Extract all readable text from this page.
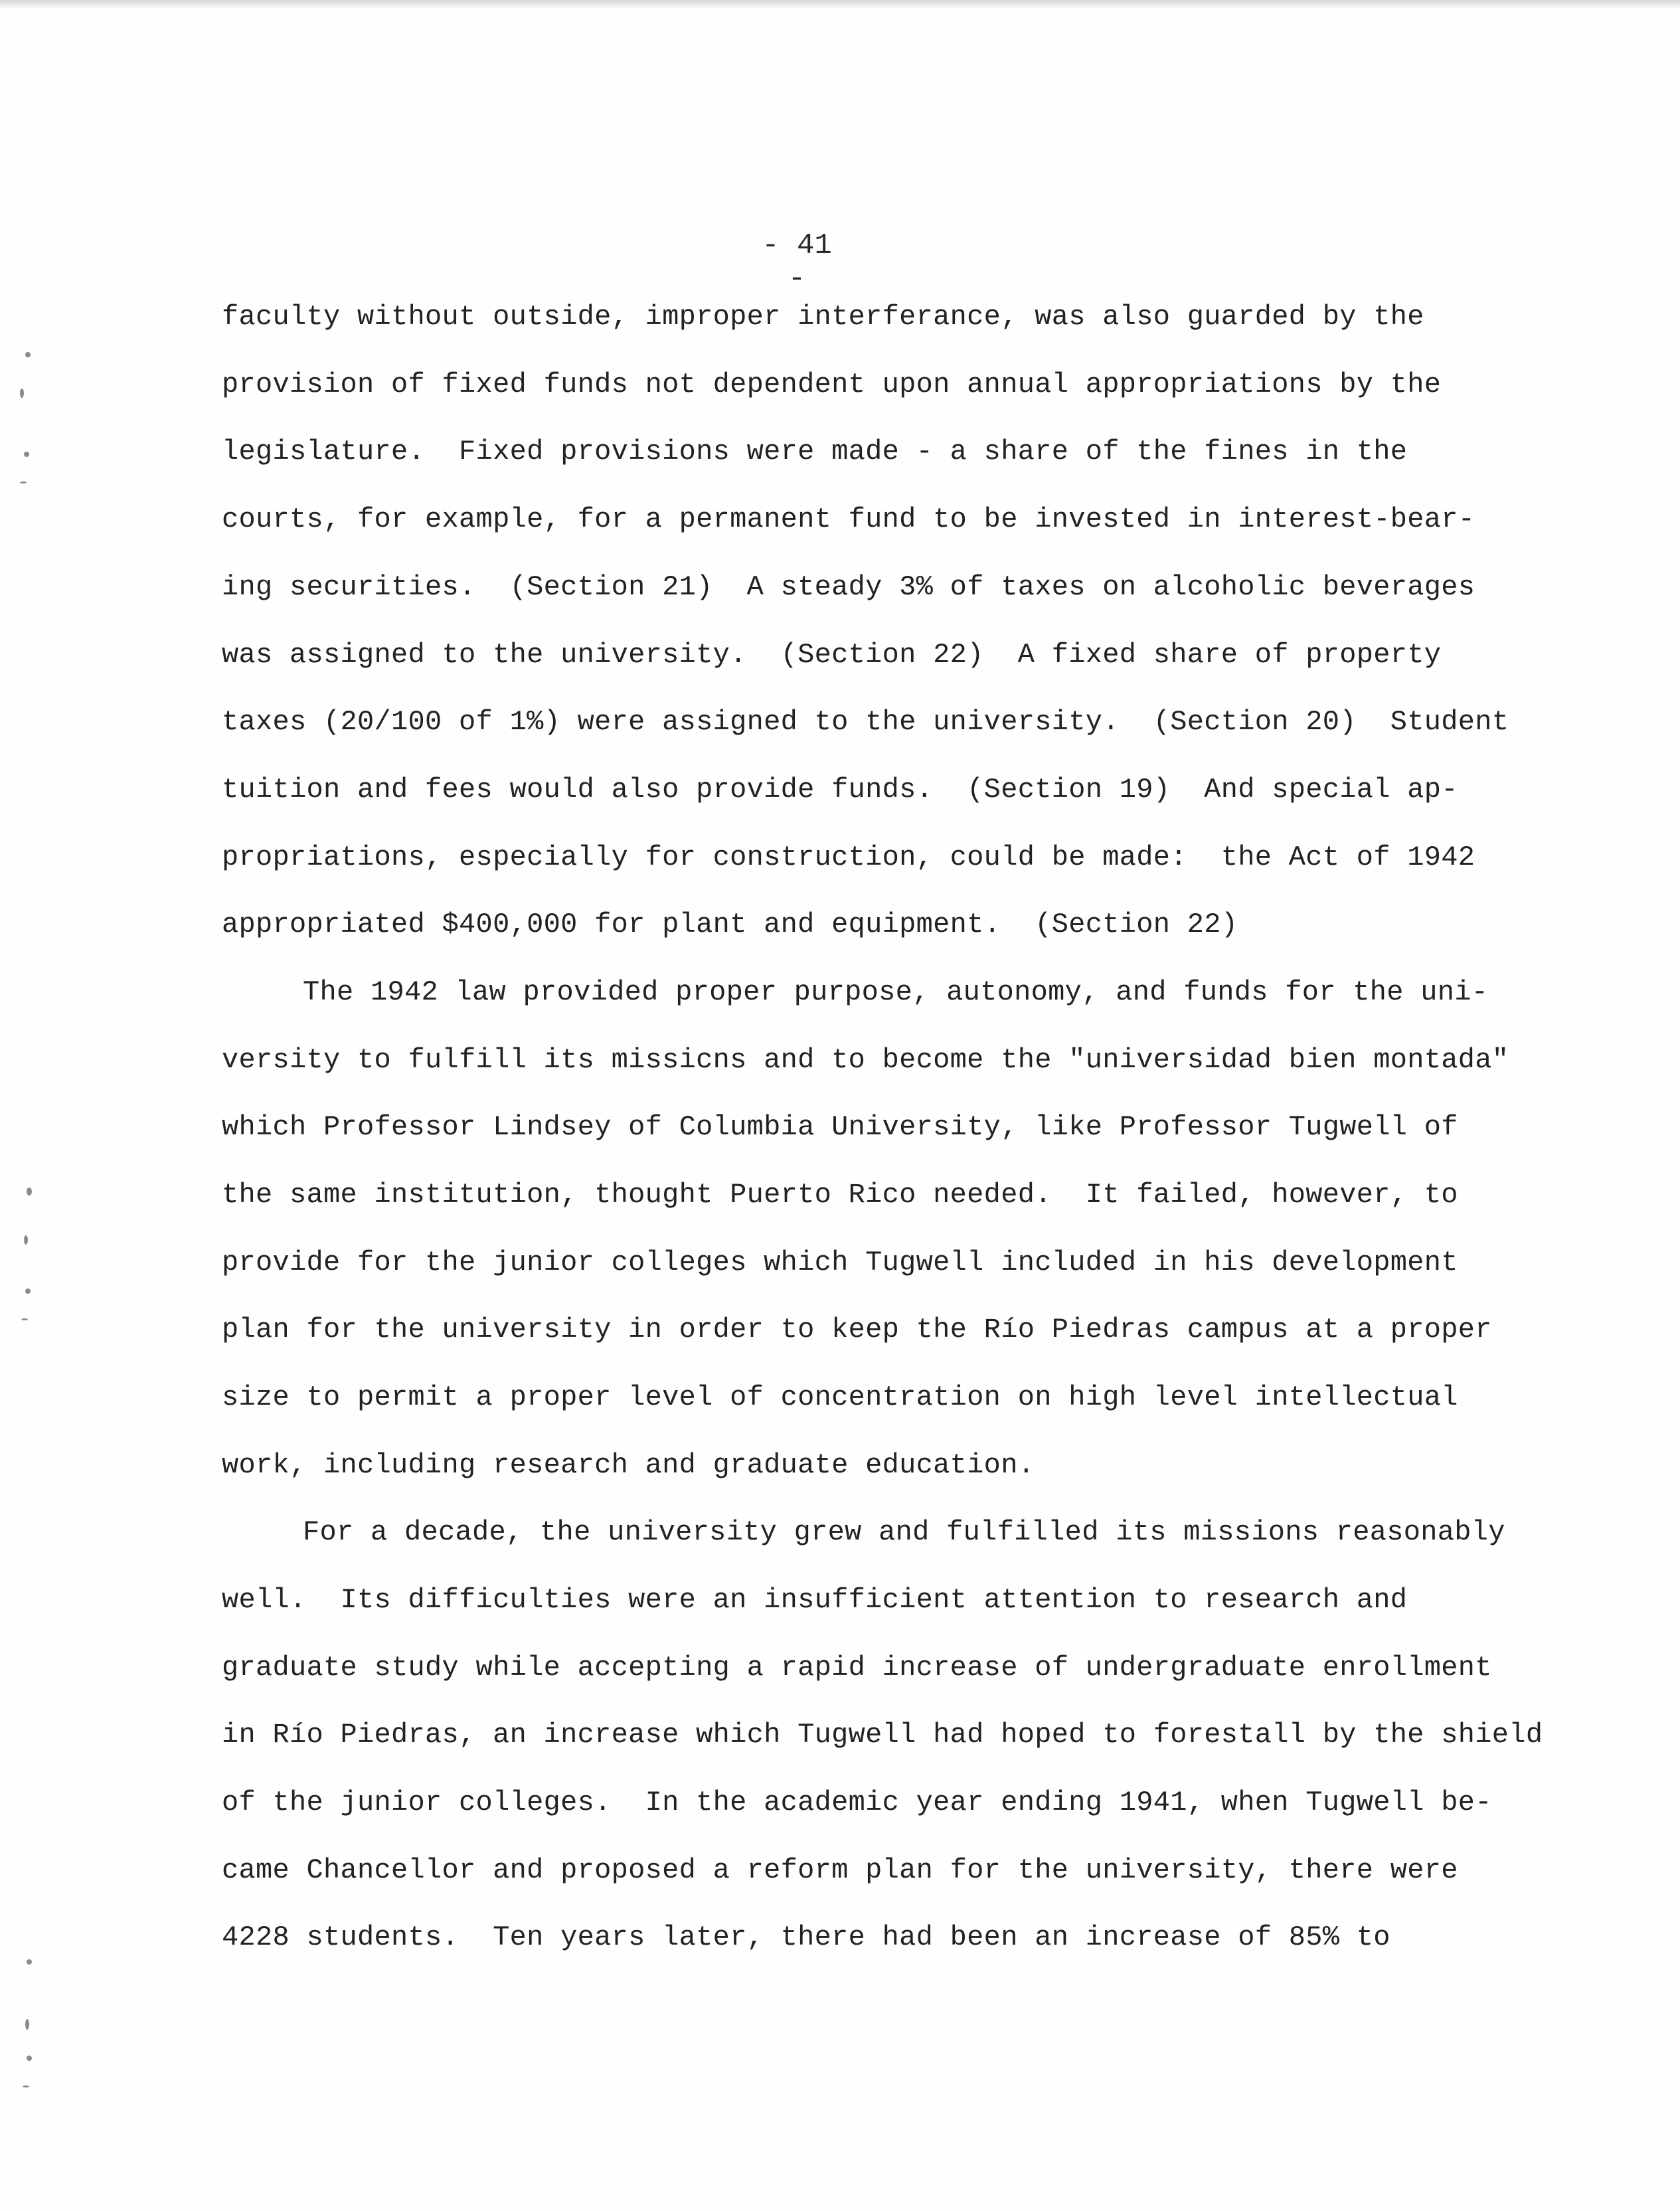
- 41 -
faculty without outside, improper interferance, was also guarded by the
provision of fixed funds not dependent upon annual appropriations by the
legislature.  Fixed provisions were made - a share of the fines in the
courts, for example, for a permanent fund to be invested in interest-bear-
ing securities.  (Section 21)  A steady 3% of taxes on alcoholic beverages
was assigned to the university.  (Section 22)  A fixed share of property
taxes (20/100 of 1%) were assigned to the university.  (Section 20)  Student
tuition and fees would also provide funds.  (Section 19)  And special ap-
propriations, especially for construction, could be made:  the Act of 1942
appropriated $400,000 for plant and equipment.  (Section 22)
The 1942 law provided proper purpose, autonomy, and funds for the uni-
versity to fulfill its missicns and to become the "universidad bien montada"
which Professor Lindsey of Columbia University, like Professor Tugwell of
the same institution, thought Puerto Rico needed.  It failed, however, to
provide for the junior colleges which Tugwell included in his development
plan for the university in order to keep the Río Piedras campus at a proper
size to permit a proper level of concentration on high level intellectual
work, including research and graduate education.
For a decade, the university grew and fulfilled its missions reasonably
well.  Its difficulties were an insufficient attention to research and
graduate study while accepting a rapid increase of undergraduate enrollment
in Río Piedras, an increase which Tugwell had hoped to forestall by the shield
of the junior colleges.  In the academic year ending 1941, when Tugwell be-
came Chancellor and proposed a reform plan for the university, there were
4228 students.  Ten years later, there had been an increase of 85% to
